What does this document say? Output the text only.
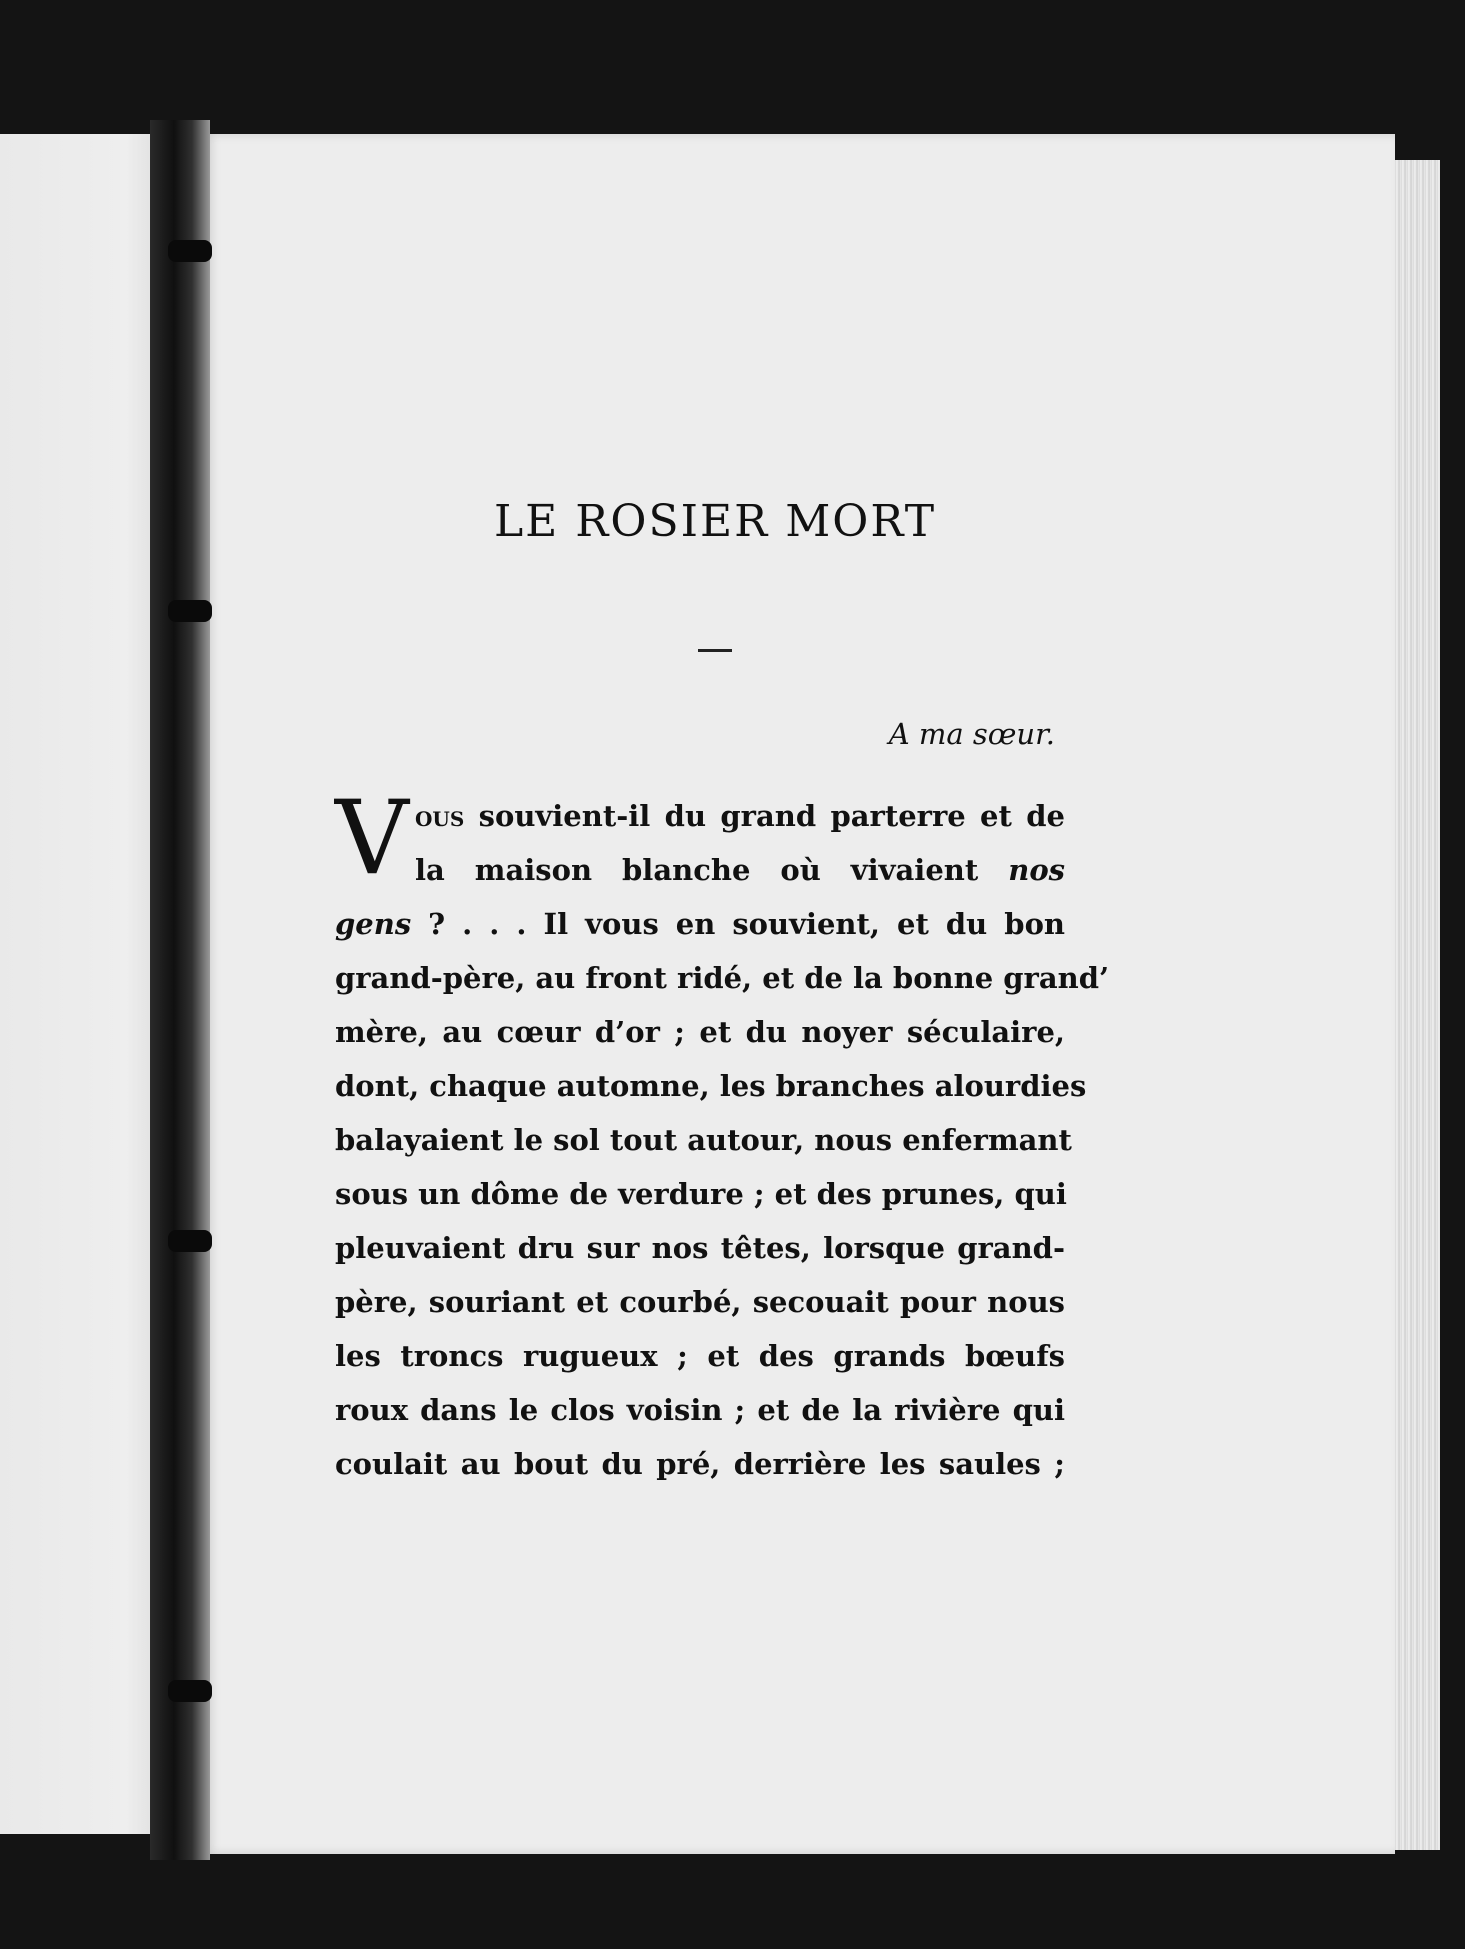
LE ROSIER MORT
A ma sœur.
V ous souvient-il du grand parterre et de
la maison blanche où vivaient nos
gens ? . . . Il vous en souvient, et du bon
grand-père, au front ridé, et de la bonne grand’
mère, au cœur d’or ; et du noyer séculaire,
dont, chaque automne, les branches alourdies
balayaient le sol tout autour, nous enfermant
sous un dôme de verdure ; et des prunes, qui
pleuvaient dru sur nos têtes, lorsque grand-
père, souriant et courbé, secouait pour nous
les troncs rugueux ; et des grands bœufs
roux dans le clos voisin ; et de la rivière qui
coulait au bout du pré, derrière les saules ;
